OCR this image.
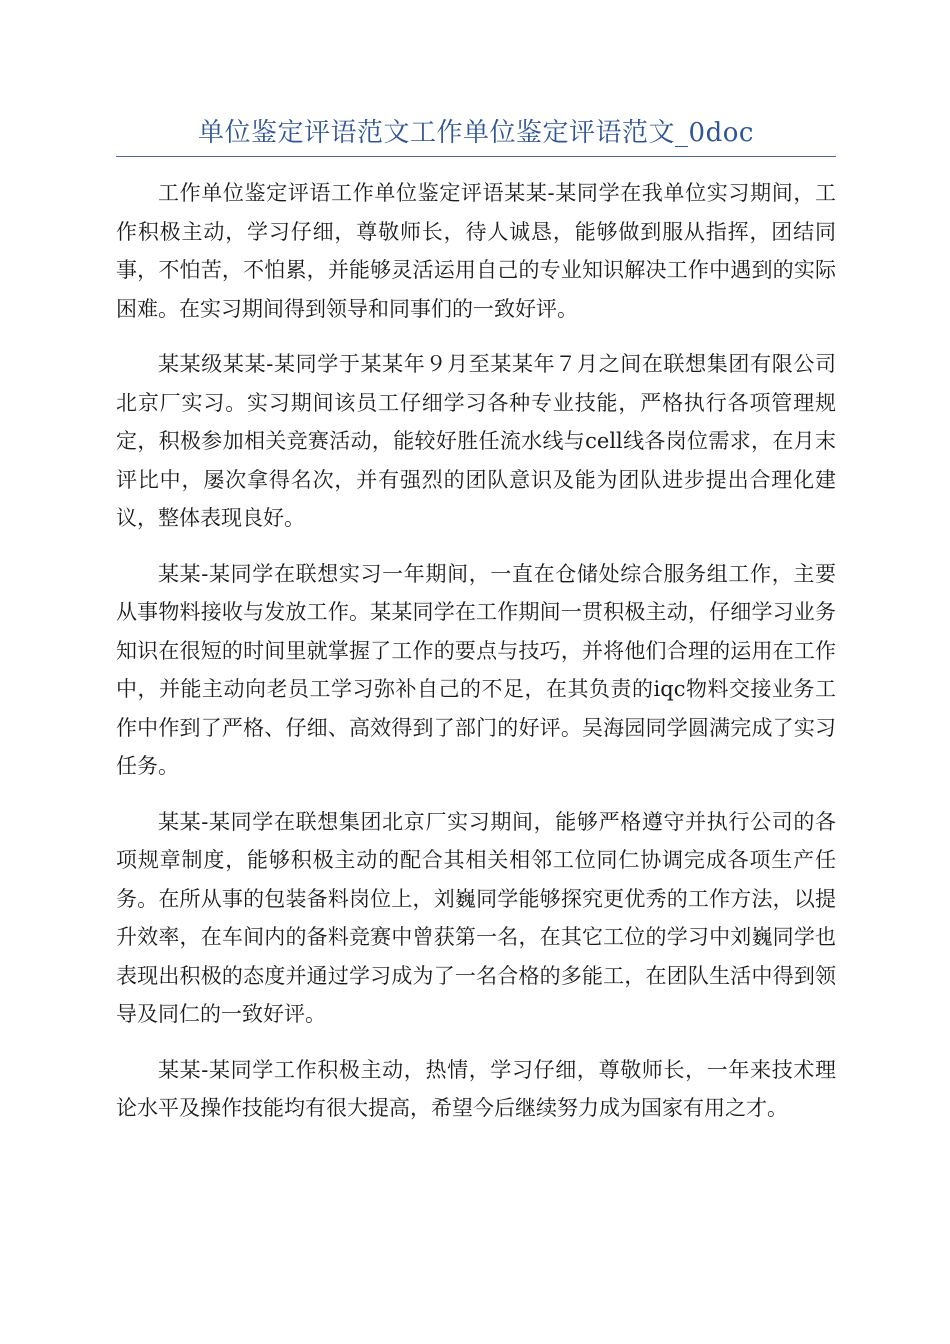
单位鉴定评语范文工作单位鉴定评语范文_0doc

工作单位鉴定评语工作单位鉴定评语某某-某同学在我单位实习期间，工作积极主动，学习仔细，尊敬师长，待人诚恳，能够做到服从指挥，团结同事，不怕苦，不怕累，并能够灵活运用自己的专业知识解决工作中遇到的实际困难。在实习期间得到领导和同事们的一致好评。

某某级某某-某同学于某某年９月至某某年７月之间在联想集团有限公司北京厂实习。实习期间该员工仔细学习各种专业技能，严格执行各项管理规定，积极参加相关竞赛活动，能较好胜任流水线与cell线各岗位需求，在月末评比中，屡次拿得名次，并有强烈的团队意识及能为团队进步提出合理化建议，整体表现良好。

某某-某同学在联想实习一年期间，一直在仓储处综合服务组工作，主要从事物料接收与发放工作。某某同学在工作期间一贯积极主动，仔细学习业务知识在很短的时间里就掌握了工作的要点与技巧，并将他们合理的运用在工作中，并能主动向老员工学习弥补自己的不足，在其负责的iqc物料交接业务工作中作到了严格、仔细、高效得到了部门的好评。吴海园同学圆满完成了实习任务。

某某-某同学在联想集团北京厂实习期间，能够严格遵守并执行公司的各项规章制度，能够积极主动的配合其相关相邻工位同仁协调完成各项生产任务。在所从事的包装备料岗位上，刘巍同学能够探究更优秀的工作方法，以提升效率，在车间内的备料竞赛中曾获第一名，在其它工位的学习中刘巍同学也表现出积极的态度并通过学习成为了一名合格的多能工，在团队生活中得到领导及同仁的一致好评。

某某-某同学工作积极主动，热情，学习仔细，尊敬师长，一年来技术理论水平及操作技能均有很大提高，希望今后继续努力成为国家有用之才。
